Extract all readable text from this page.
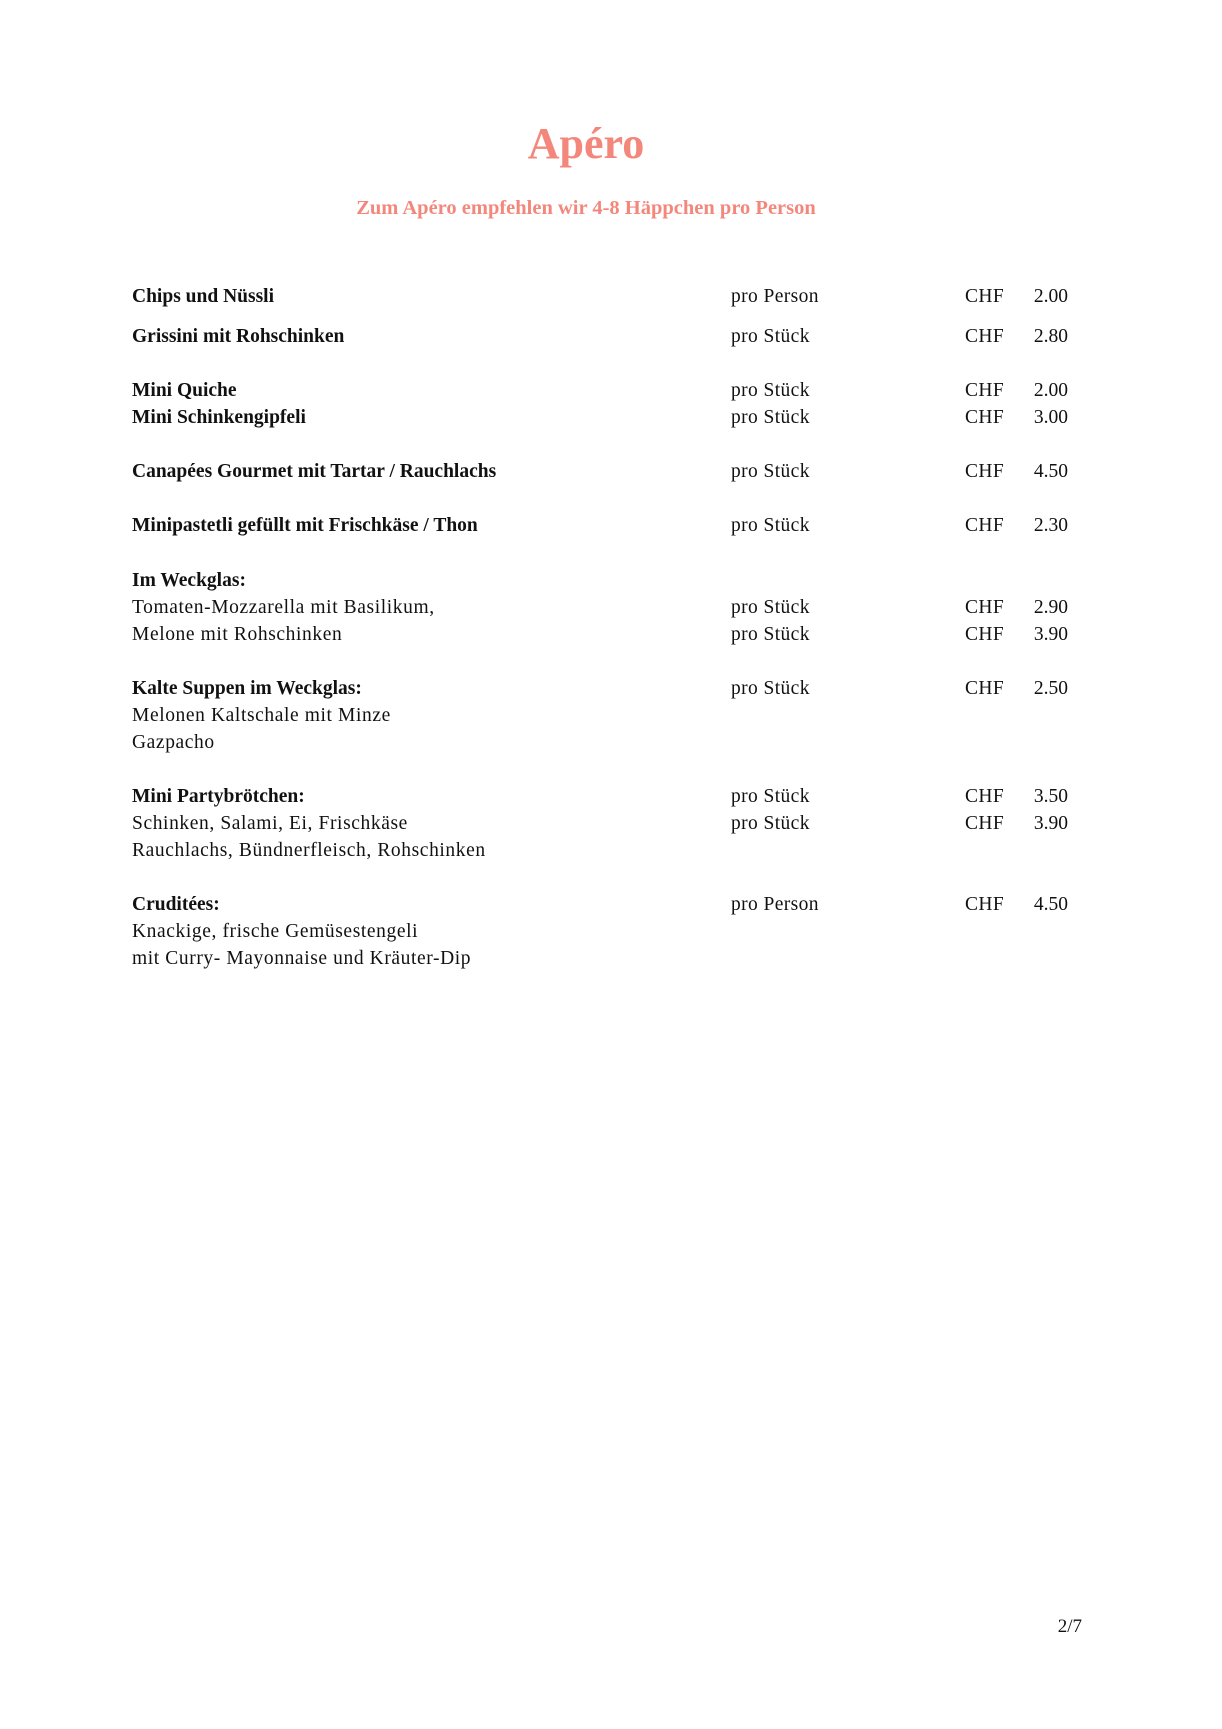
Apéro
Zum Apéro empfehlen wir 4-8 Häppchen pro Person
Chips und Nüssli	pro Person	CHF 2.00
Grissini mit Rohschinken	pro Stück	CHF 2.80
Mini Quiche	pro Stück	CHF 2.00
Mini Schinkengipfeli	pro Stück	CHF 3.00
Canapées Gourmet mit Tartar / Rauchlachs	pro Stück	CHF 4.50
Minipastetli gefüllt mit Frischkäse / Thon	pro Stück	CHF 2.30
Im Weckglas:
Tomaten-Mozzarella mit Basilikum,	pro Stück	CHF 2.90
Melone mit Rohschinken	pro Stück	CHF 3.90
Kalte Suppen im Weckglas:	pro Stück	CHF 2.50
Melonen Kaltschale mit Minze
Gazpacho
Mini Partybrötchen:	pro Stück	CHF 3.50
Schinken, Salami, Ei, Frischkäse	pro Stück	CHF 3.90
Rauchlachs, Bündnerfleisch, Rohschinken
Cruditées:	pro Person	CHF 4.50
Knackige, frische Gemüsestengeli
mit Curry- Mayonnaise und Kräuter-Dip
2/7
